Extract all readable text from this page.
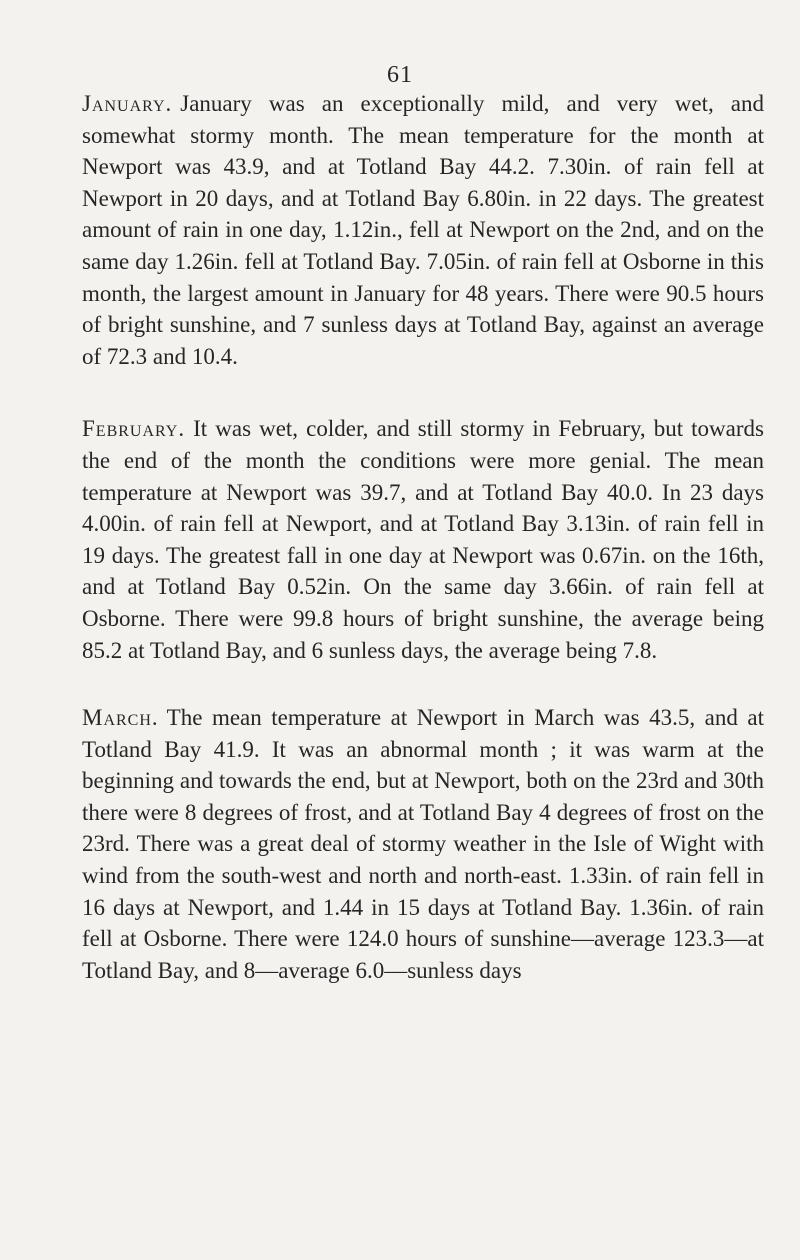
61

January. January was an exceptionally mild, and very wet, and somewhat stormy month. The mean temperature for the month at Newport was 43.9, and at Totland Bay 44.2. 7.30in. of rain fell at Newport in 20 days, and at Totland Bay 6.80in. in 22 days. The greatest amount of rain in one day, 1.12in., fell at Newport on the 2nd, and on the same day 1.26in. fell at Totland Bay. 7.05in. of rain fell at Osborne in this month, the largest amount in January for 48 years. There were 90.5 hours of bright sunshine, and 7 sunless days at Totland Bay, against an average of 72.3 and 10.4.

February. It was wet, colder, and still stormy in February, but towards the end of the month the conditions were more genial. The mean temperature at Newport was 39.7, and at Totland Bay 40.0. In 23 days 4.00in. of rain fell at Newport, and at Totland Bay 3.13in. of rain fell in 19 days. The greatest fall in one day at Newport was 0.67in. on the 16th, and at Totland Bay 0.52in. On the same day 3.66in. of rain fell at Osborne. There were 99.8 hours of bright sunshine, the average being 85.2 at Totland Bay, and 6 sunless days, the average being 7.8.

March. The mean temperature at Newport in March was 43.5, and at Totland Bay 41.9. It was an abnormal month ; it was warm at the beginning and towards the end, but at Newport, both on the 23rd and 30th there were 8 degrees of frost, and at Totland Bay 4 degrees of frost on the 23rd. There was a great deal of stormy weather in the Isle of Wight with wind from the south-west and north and north-east. 1.33in. of rain fell in 16 days at Newport, and 1.44 in 15 days at Totland Bay. 1.36in. of rain fell at Osborne. There were 124.0 hours of sunshine—average 123.3—at Totland Bay, and 8—average 6.0—sunless days
